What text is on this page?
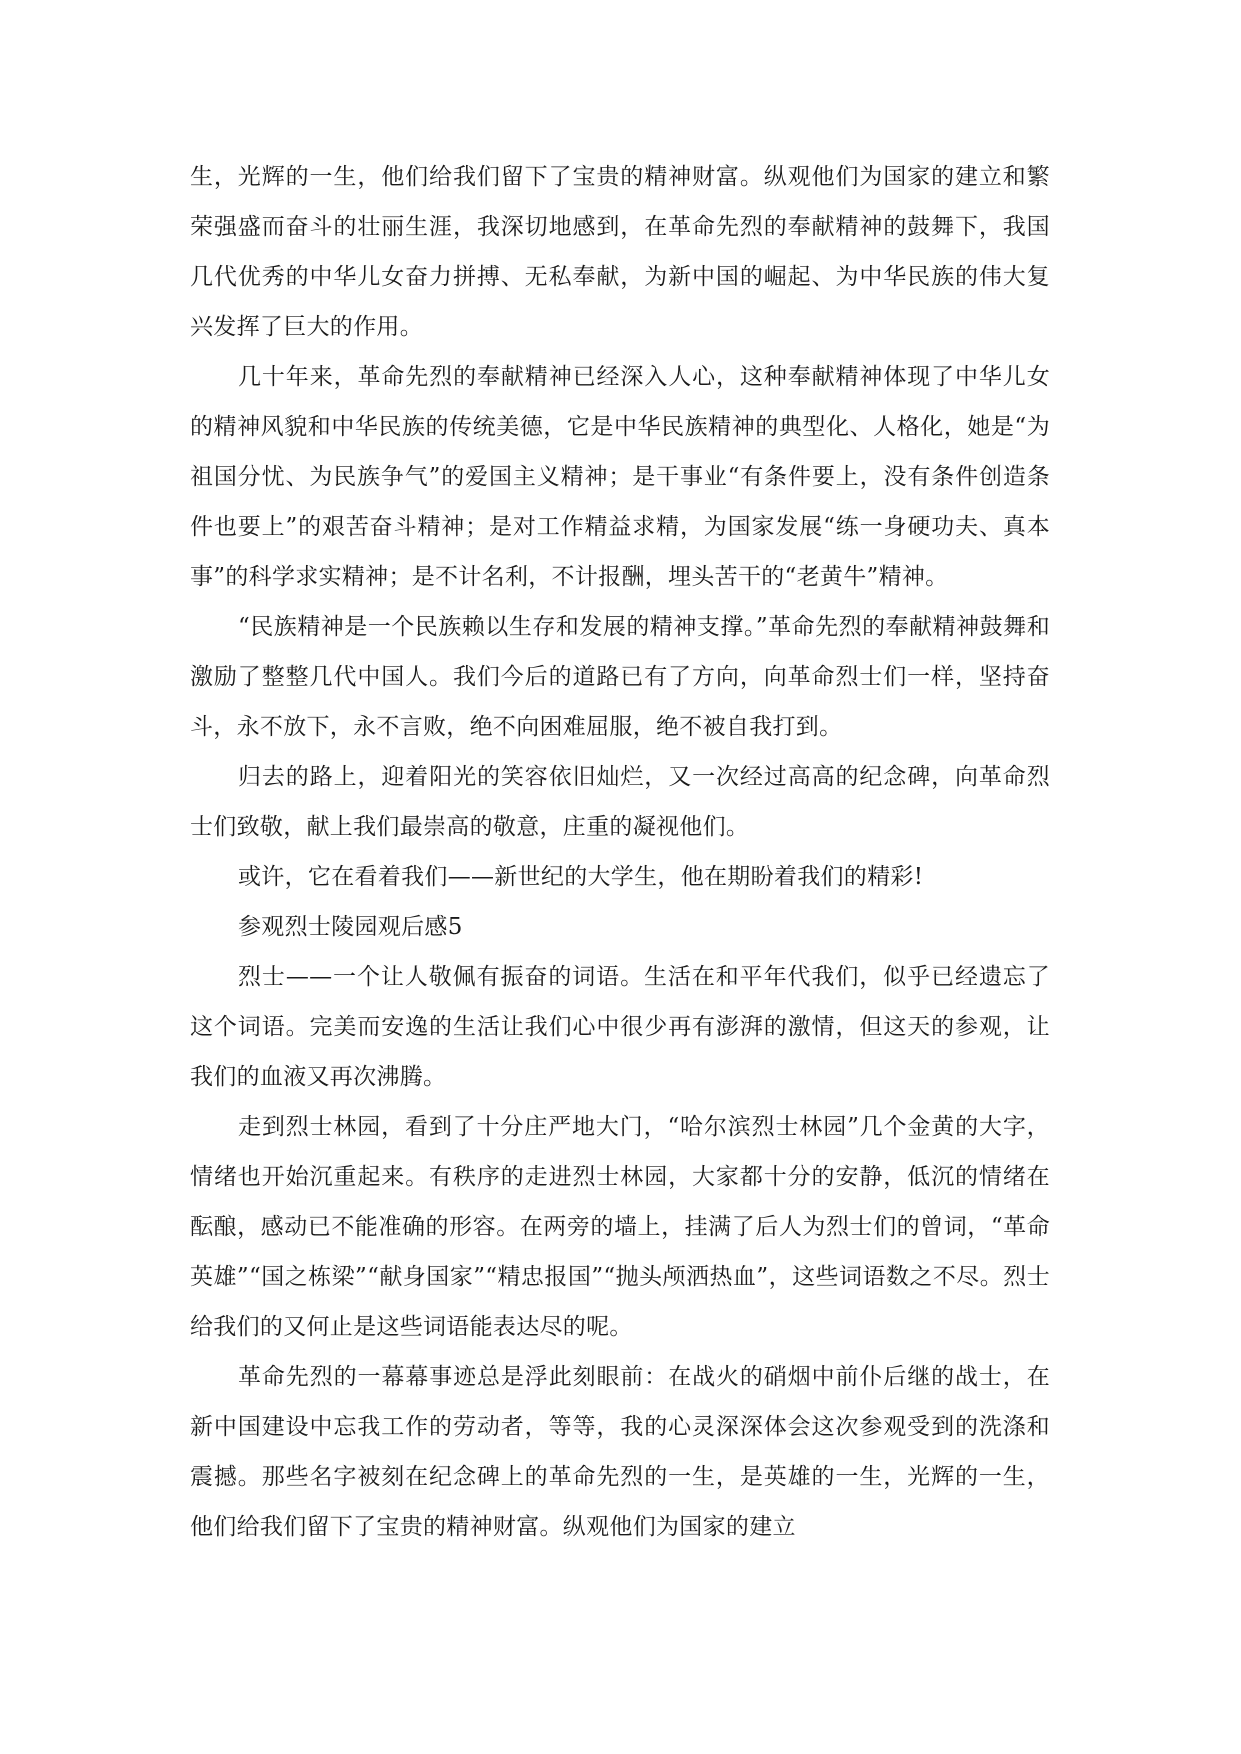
生，光辉的一生，他们给我们留下了宝贵的精神财富。纵观他们为国家的建立和繁荣强盛而奋斗的壮丽生涯，我深切地感到，在革命先烈的奉献精神的鼓舞下，我国几代优秀的中华儿女奋力拼搏、无私奉献，为新中国的崛起、为中华民族的伟大复兴发挥了巨大的作用。

几十年来，革命先烈的奉献精神已经深入人心，这种奉献精神体现了中华儿女的精神风貌和中华民族的传统美德，它是中华民族精神的典型化、人格化，她是“为祖国分忧、为民族争气”的爱国主义精神；是干事业“有条件要上，没有条件创造条件也要上”的艰苦奋斗精神；是对工作精益求精，为国家发展“练一身硬功夫、真本事”的科学求实精神；是不计名利，不计报酬，埋头苦干的“老黄牛”精神。

“民族精神是一个民族赖以生存和发展的精神支撑。”革命先烈的奉献精神鼓舞和激励了整整几代中国人。我们今后的道路已有了方向，向革命烈士们一样，坚持奋斗，永不放下，永不言败，绝不向困难屈服，绝不被自我打到。

归去的路上，迎着阳光的笑容依旧灿烂，又一次经过高高的纪念碑，向革命烈士们致敬，献上我们最崇高的敬意，庄重的凝视他们。

或许，它在看着我们——新世纪的大学生，他在期盼着我们的精彩!

参观烈士陵园观后感5

烈士——一个让人敬佩有振奋的词语。生活在和平年代我们，似乎已经遗忘了这个词语。完美而安逸的生活让我们心中很少再有澎湃的激情，但这天的参观，让我们的血液又再次沸腾。

走到烈士林园，看到了十分庄严地大门，“哈尔滨烈士林园”几个金黄的大字，情绪也开始沉重起来。有秩序的走进烈士林园，大家都十分的安静，低沉的情绪在酝酿，感动已不能准确的形容。在两旁的墙上，挂满了后人为烈士们的曾词，“革命英雄”“国之栋梁”“献身国家”“精忠报国”“抛头颅洒热血”，这些词语数之不尽。烈士给我们的又何止是这些词语能表达尽的呢。

革命先烈的一幕幕事迹总是浮此刻眼前：在战火的硝烟中前仆后继的战士，在新中国建设中忘我工作的劳动者，等等，我的心灵深深体会这次参观受到的洗涤和震撼。那些名字被刻在纪念碑上的革命先烈的一生，是英雄的一生，光辉的一生，他们给我们留下了宝贵的精神财富。纵观他们为国家的建立
